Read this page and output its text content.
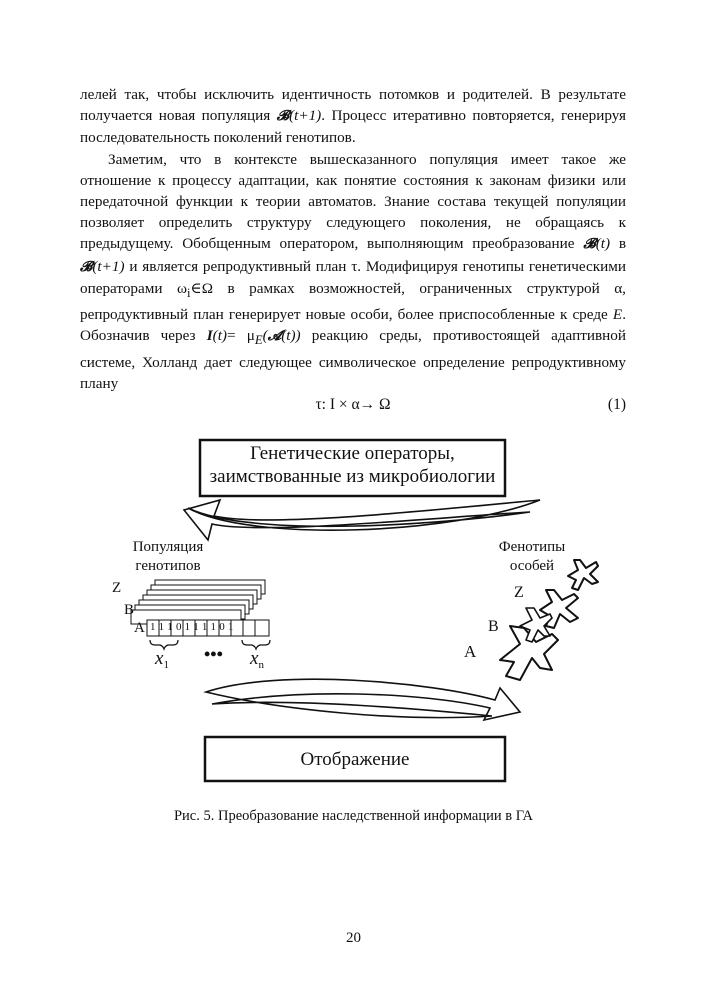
лелей так, чтобы исключить идентичность потомков и родителей. В результате получается новая популяция 𝓑(t+1). Процесс итеративно повторяется, генерируя последовательность поколений генотипов.

Заметим, что в контексте вышесказанного популяция имеет такое же отношение к процессу адаптации, как понятие состояния к законам физики или передаточной функции к теории автоматов. Знание состава текущей популяции позволяет определить структуру следующего поколения, не обращаясь к предыдущему. Обобщенным оператором, выполняющим преобразование 𝓑(t) в 𝓑(t+1) и является репродуктивный план τ. Модифицируя генотипы генетическими операторами $\omega_i\in\Omega$ в рамках возможностей, ограниченных структурой α, репродуктивный план генерирует новые особи, более приспособленные к среде E. Обозначив через $I(t)= \mu_E(𝓐(t))$ реакцию среды, противостоящей адаптивной системе, Холланд дает следующее символическое определение репродуктивному плану

τ: I × α→ Ω	(1)
Генетические операторы,
заимствованные из микробиологии
Отображение
Популяция
генотипов
Фенотипы
особей
Z
B
A 1 1 1 0 1 1 1 1 0 1
$x_1$
••• $x_n$
Z
B
A
Рис. 5. Преобразование наследственной информации в ГА
20
